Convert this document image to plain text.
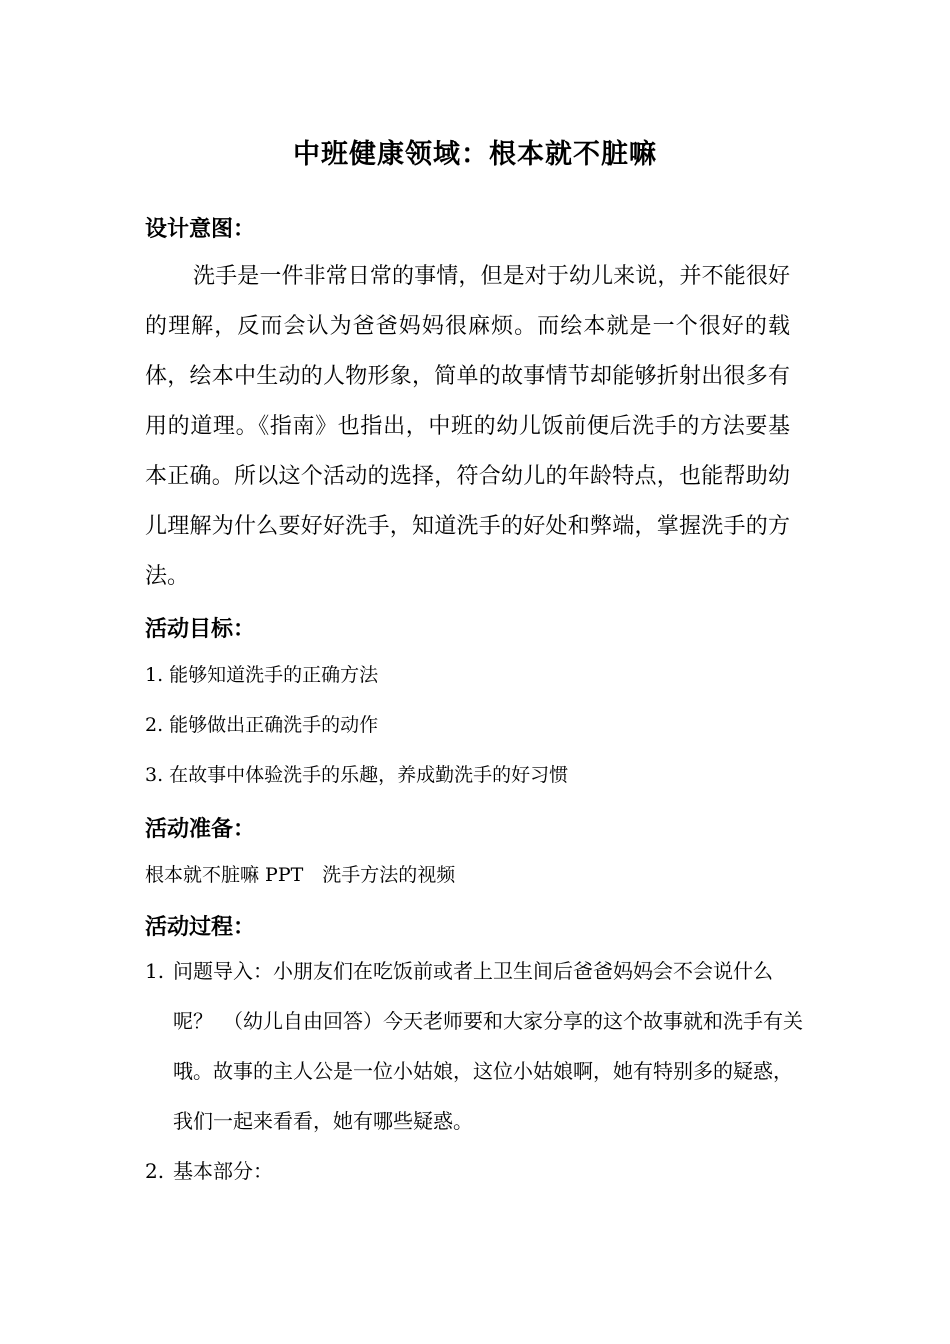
中班健康领域：根本就不脏嘛
设计意图：

洗手是一件非常日常的事情，但是对于幼儿来说，并不能很好的理解，反而会认为爸爸妈妈很麻烦。而绘本就是一个很好的载体，绘本中生动的人物形象，简单的故事情节却能够折射出很多有用的道理。《指南》也指出，中班的幼儿饭前便后洗手的方法要基本正确。所以这个活动的选择，符合幼儿的年龄特点，也能帮助幼儿理解为什么要好好洗手，知道洗手的好处和弊端，掌握洗手的方法。

活动目标：
1. 能够知道洗手的正确方法
2. 能够做出正确洗手的动作
3. 在故事中体验洗手的乐趣，养成勤洗手的好习惯
活动准备：
根本就不脏嘛 PPT　洗手方法的视频
活动过程：
1. 问题导入：小朋友们在吃饭前或者上卫生间后爸爸妈妈会不会说什么呢？　（幼儿自由回答）今天老师要和大家分享的这个故事就和洗手有关哦。故事的主人公是一位小姑娘，这位小姑娘啊，她有特别多的疑惑，我们一起来看看，她有哪些疑惑。
2. 基本部分：
